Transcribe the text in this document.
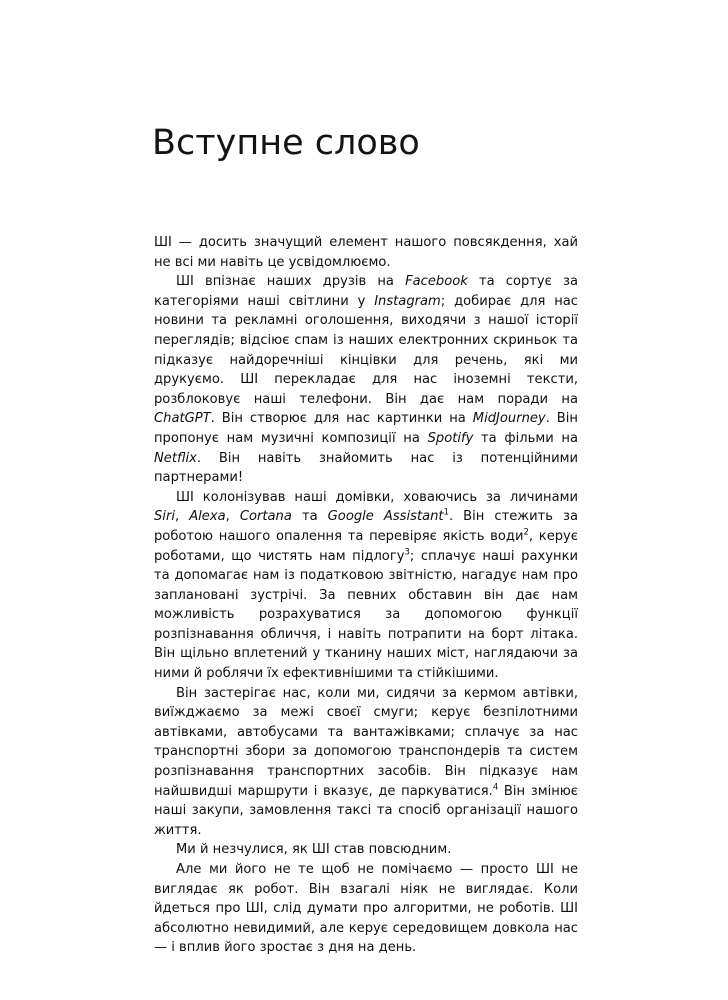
Вступне слово

ШІ — досить значущий елемент нашого повсякдення, хай не всі ми навіть це усвідомлюємо.

ШІ впізнає наших друзів на Facebook та сортує за категоріями наші світлини у Instagram; добирає для нас новини та рекламні оголошення, виходячи з нашої історії переглядів; відсіює спам із наших електронних скриньок та підказує найдоречніші кінцівки для речень, які ми друкуємо. ШІ перекладає для нас іноземні тексти, розблоковує наші телефони. Він дає нам поради на ChatGPT. Він створює для нас картинки на MidJourney. Він пропонує нам музичні композиції на Spotify та фільми на Netflix. Він навіть знайомить нас із потенційними партнерами!

ШІ колонізував наші домівки, ховаючись за личинами Siri, Alexa, Cortana та Google Assistant$^1$. Він стежить за роботою нашого опалення та перевіряє якість води$^2$, керує роботами, що чистять нам підлогу$^3$; сплачує наші рахунки та допомагає нам із податковою звітністю, нагадує нам про заплановані зустрічі. За певних обставин він дає нам можливість розрахуватися за допомогою функції розпізнавання обличчя, і навіть потрапити на борт літака. Він щільно вплетений у тканину наших міст, наглядаючи за ними й роблячи їх ефективнішими та стійкішими.

Він застерігає нас, коли ми, сидячи за кермом автівки, виїжджаємо за межі своєї смуги; керує безпілотними автівками, автобусами та вантажівками; сплачує за нас транспортні збори за допомогою транспондерів та систем розпізнавання транспортних засобів. Він підказує нам найшвидші маршрути і вказує, де паркуватися.$^4$ Він змінює наші закупи, замовлення таксі та спосіб організації нашого життя.

Ми й незчулися, як ШІ став повсюдним.

Але ми його не те щоб не помічаємо — просто ШІ не виглядає як робот. Він взагалі ніяк не виглядає. Коли йдеться про ШІ, слід думати про алгоритми, не роботів. ШІ абсолютно невидимий, але керує середовищем довкола нас — і вплив його зростає з дня на день.
